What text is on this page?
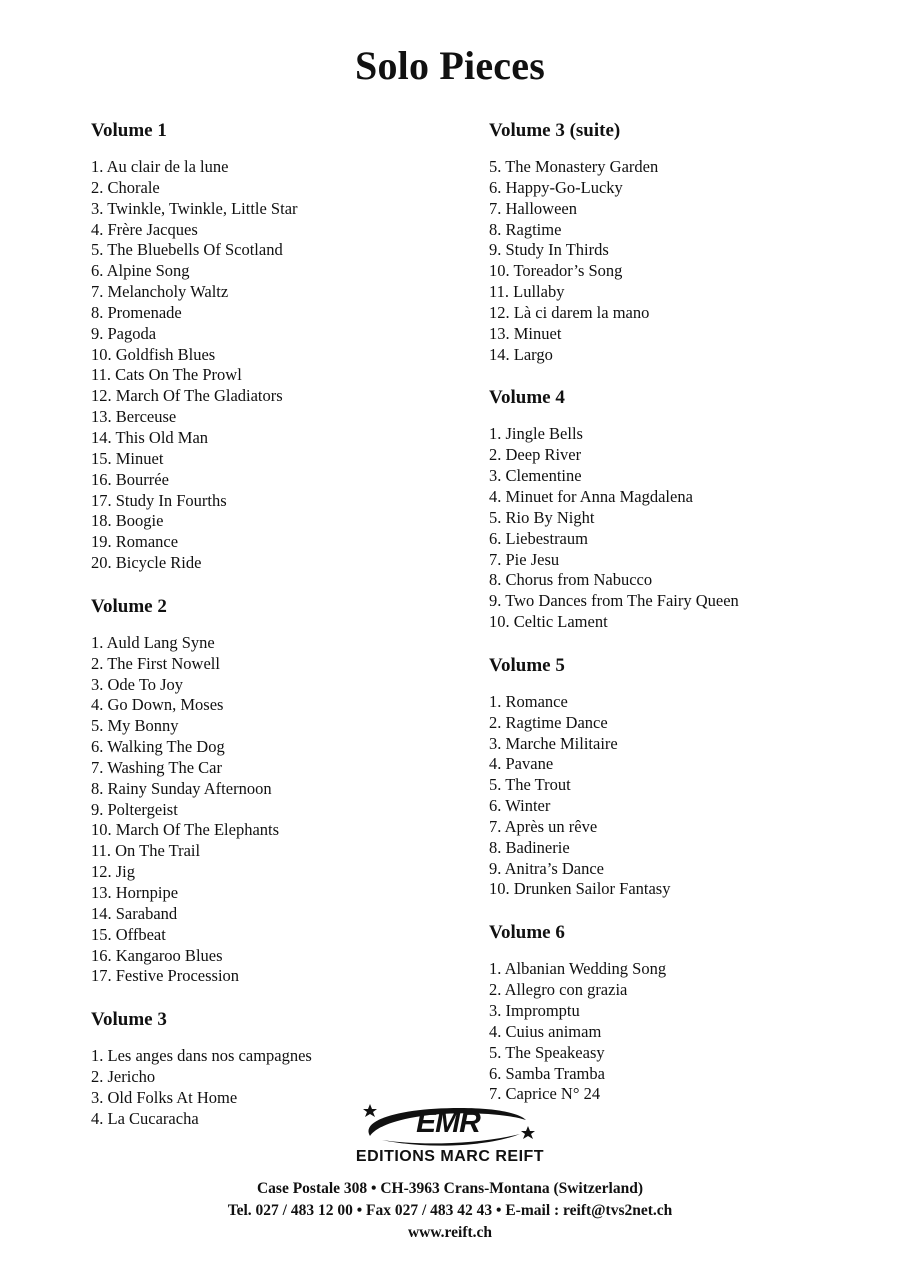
Solo Pieces
Volume 1
1. Au clair de la lune
2. Chorale
3. Twinkle, Twinkle, Little Star
4. Frère Jacques
5. The Bluebells Of Scotland
6. Alpine Song
7. Melancholy Waltz
8. Promenade
9. Pagoda
10. Goldfish Blues
11. Cats On The Prowl
12. March Of The Gladiators
13. Berceuse
14. This Old Man
15. Minuet
16. Bourrée
17. Study In Fourths
18. Boogie
19. Romance
20. Bicycle Ride
Volume 2
1. Auld Lang Syne
2. The First Nowell
3. Ode To Joy
4. Go Down, Moses
5. My Bonny
6. Walking The Dog
7. Washing The Car
8. Rainy Sunday Afternoon
9. Poltergeist
10. March Of The Elephants
11. On The Trail
12. Jig
13. Hornpipe
14. Saraband
15. Offbeat
16. Kangaroo Blues
17. Festive Procession
Volume 3
1. Les anges dans nos campagnes
2. Jericho
3. Old Folks At Home
4. La Cucaracha
Volume 3 (suite)
5. The Monastery Garden
6. Happy-Go-Lucky
7. Halloween
8. Ragtime
9. Study In Thirds
10. Toreador’s Song
11. Lullaby
12. Là ci darem la mano
13. Minuet
14. Largo
Volume 4
1. Jingle Bells
2. Deep River
3. Clementine
4. Minuet for Anna Magdalena
5. Rio By Night
6. Liebestraum
7. Pie Jesu
8. Chorus from Nabucco
9. Two Dances from The Fairy Queen
10. Celtic Lament
Volume 5
1. Romance
2. Ragtime Dance
3. Marche Militaire
4. Pavane
5. The Trout
6. Winter
7. Après un rêve
8. Badinerie
9. Anitra’s Dance
10. Drunken Sailor Fantasy
Volume 6
1. Albanian Wedding Song
2. Allegro con grazia
3. Impromptu
4. Cuius animam
5. The Speakeasy
6. Samba Tramba
7. Caprice N° 24
EMR
EDITIONS MARC REIFT
Case Postale 308 • CH-3963 Crans-Montana (Switzerland)
Tel. 027 / 483 12 00 • Fax 027 / 483 42 43 • E-mail : reift@tvs2net.ch
www.reift.ch
